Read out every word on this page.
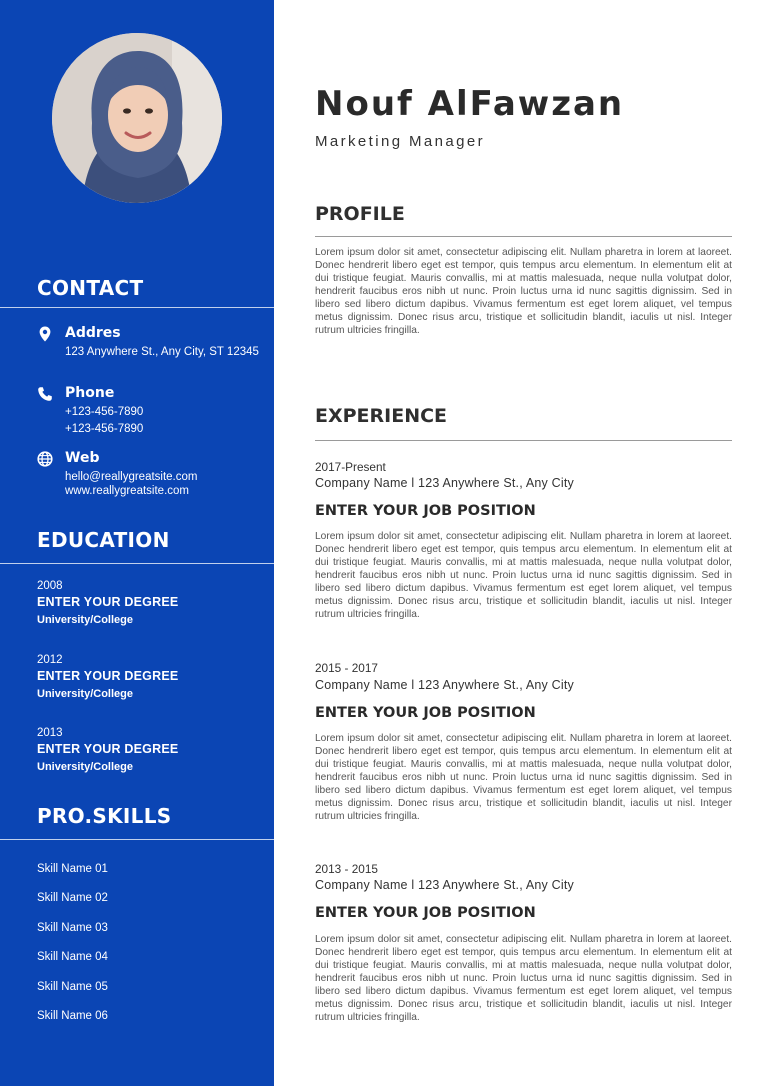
CONTACT
Addres
123 Anywhere St., Any City, ST 12345
Phone
+123-456-7890
+123-456-7890
Web
hello@reallygreatsite.com
www.reallygreatsite.com
EDUCATION
2008
ENTER YOUR DEGREE
University/College
2012
ENTER YOUR DEGREE
University/College
2013
ENTER YOUR DEGREE
University/College
PRO.SKILLS
Skill Name 01
Skill Name 02
Skill Name 03
Skill Name 04
Skill Name 05
Skill Name 06
Nouf AlFawzan
Marketing Manager
PROFILE
Lorem ipsum dolor sit amet, consectetur adipiscing elit. Nullam pharetra in lorem at laoreet. Donec hendrerit libero eget est tempor, quis tempus arcu elementum. In elementum elit at dui tristique feugiat. Mauris convallis, mi at mattis malesuada, neque nulla volutpat dolor, hendrerit faucibus eros nibh ut nunc. Proin luctus urna id nunc sagittis dignissim. Sed in libero sed libero dictum dapibus. Vivamus fermentum est eget lorem aliquet, vel tempus metus dignissim. Donec risus arcu, tristique et sollicitudin blandit, iaculis ut nisl. Integer rutrum ultricies fringilla.
EXPERIENCE
2017-Present
Company Name l 123 Anywhere St., Any City
ENTER YOUR JOB POSITION
Lorem ipsum dolor sit amet, consectetur adipiscing elit. Nullam pharetra in lorem at laoreet. Donec hendrerit libero eget est tempor, quis tempus arcu elementum. In elementum elit at dui tristique feugiat. Mauris convallis, mi at mattis malesuada, neque nulla volutpat dolor, hendrerit faucibus eros nibh ut nunc. Proin luctus urna id nunc sagittis dignissim. Sed in libero sed libero dictum dapibus. Vivamus fermentum est eget lorem aliquet, vel tempus metus dignissim. Donec risus arcu, tristique et sollicitudin blandit, iaculis ut nisl. Integer rutrum ultricies fringilla.
2015 - 2017
Company Name l 123 Anywhere St., Any City
ENTER YOUR JOB POSITION
Lorem ipsum dolor sit amet, consectetur adipiscing elit. Nullam pharetra in lorem at laoreet. Donec hendrerit libero eget est tempor, quis tempus arcu elementum. In elementum elit at dui tristique feugiat. Mauris convallis, mi at mattis malesuada, neque nulla volutpat dolor, hendrerit faucibus eros nibh ut nunc. Proin luctus urna id nunc sagittis dignissim. Sed in libero sed libero dictum dapibus. Vivamus fermentum est eget lorem aliquet, vel tempus metus dignissim. Donec risus arcu, tristique et sollicitudin blandit, iaculis ut nisl. Integer rutrum ultricies fringilla.
2013 - 2015
Company Name l 123 Anywhere St., Any City
ENTER YOUR JOB POSITION
Lorem ipsum dolor sit amet, consectetur adipiscing elit. Nullam pharetra in lorem at laoreet. Donec hendrerit libero eget est tempor, quis tempus arcu elementum. In elementum elit at dui tristique feugiat. Mauris convallis, mi at mattis malesuada, neque nulla volutpat dolor, hendrerit faucibus eros nibh ut nunc. Proin luctus urna id nunc sagittis dignissim. Sed in libero sed libero dictum dapibus. Vivamus fermentum est eget lorem aliquet, vel tempus metus dignissim. Donec risus arcu, tristique et sollicitudin blandit, iaculis ut nisl. Integer rutrum ultricies fringilla.
